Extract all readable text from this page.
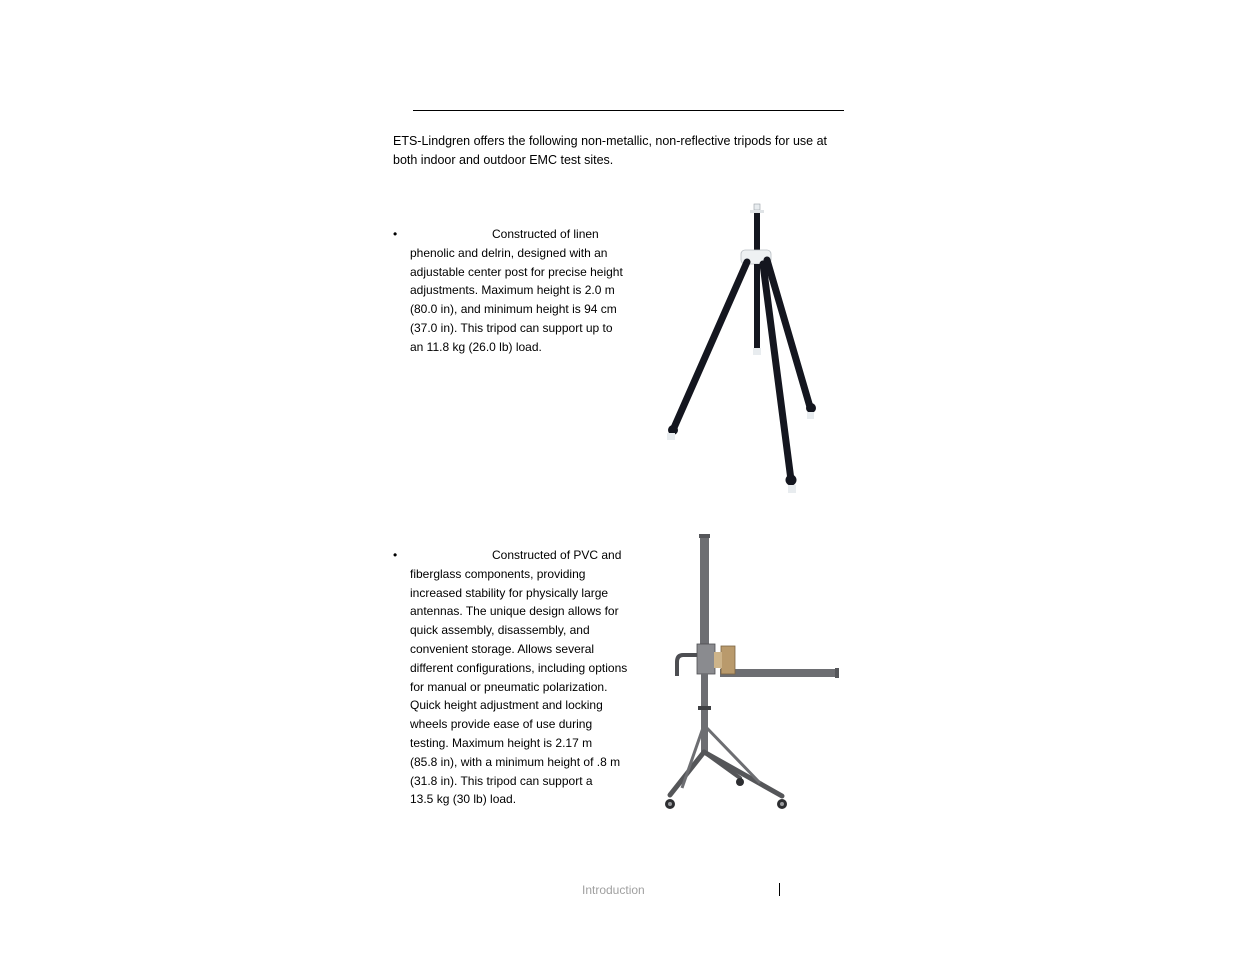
ETS-Lindgren offers the following non-metallic, non-reflective tripods for use at both indoor and outdoor EMC test sites.
•	Constructed of linen

phenolic and delrin, designed with an

adjustable center post for precise height

adjustments. Maximum height is 2.0 m

(80.0 in), and minimum height is 94 cm

(37.0 in). This tripod can support up to

an 11.8 kg (26.0 lb) load.

•	Constructed of PVC and

fiberglass components, providing

increased stability for physically large

antennas. The unique design allows for

quick assembly, disassembly, and

convenient storage. Allows several

different configurations, including options

for manual or pneumatic polarization.

Quick height adjustment and locking

wheels provide ease of use during

testing. Maximum height is 2.17 m

(85.8 in), with a minimum height of .8 m

(31.8 in). This tripod can support a

13.5 kg (30 lb) load.

Introduction
